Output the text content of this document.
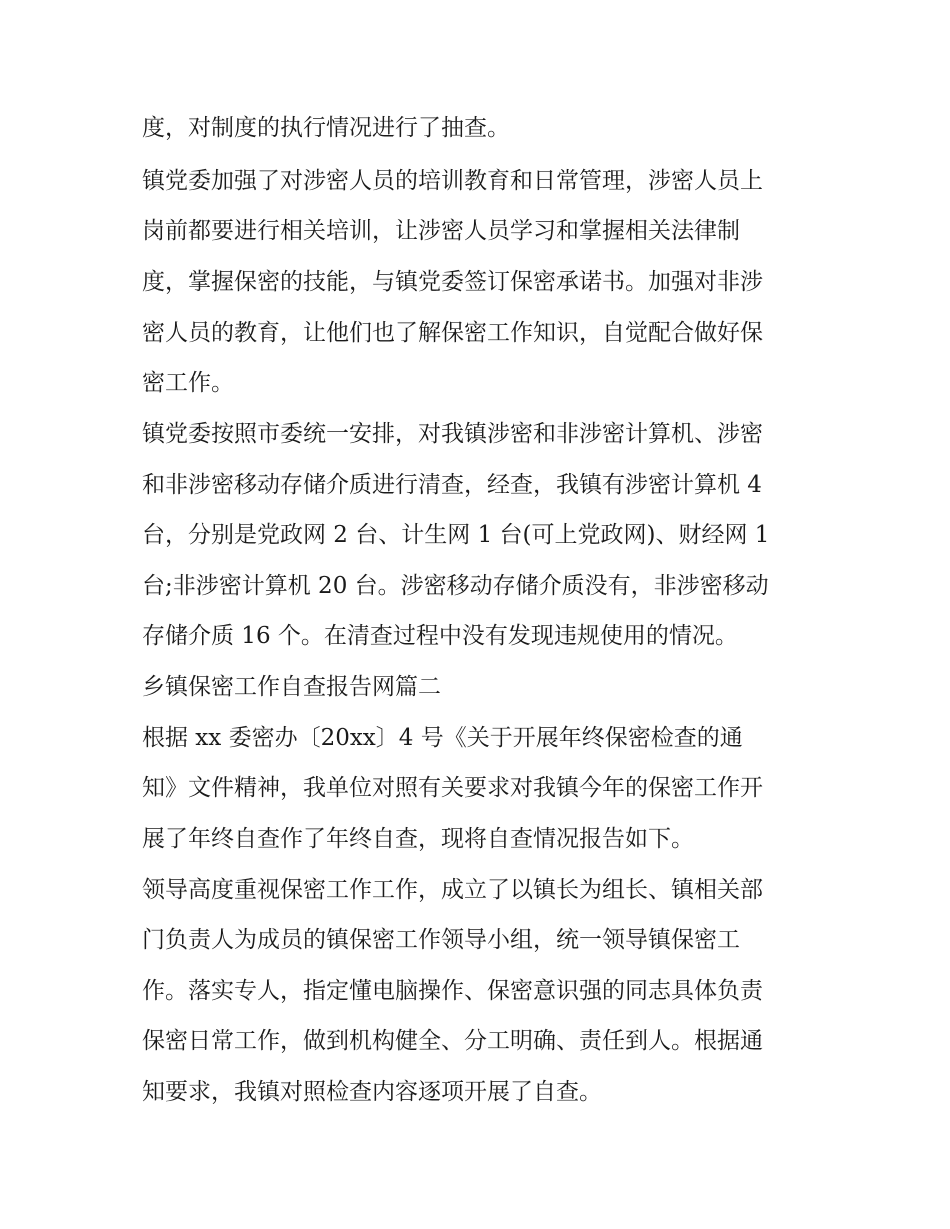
度，对制度的执行情况进行了抽查。
镇党委加强了对涉密人员的培训教育和日常管理，涉密人员上
岗前都要进行相关培训，让涉密人员学习和掌握相关法律制
度，掌握保密的技能，与镇党委签订保密承诺书。加强对非涉
密人员的教育，让他们也了解保密工作知识，自觉配合做好保
密工作。
镇党委按照市委统一安排，对我镇涉密和非涉密计算机、涉密
和非涉密移动存储介质进行清查，经查，我镇有涉密计算机 4
台，分别是党政网 2 台、计生网 1 台(可上党政网)、财经网 1
台;非涉密计算机 20 台。涉密移动存储介质没有，非涉密移动
存储介质 16 个。在清查过程中没有发现违规使用的情况。
乡镇保密工作自查报告网篇二
根据 xx 委密办〔20xx〕4 号《关于开展年终保密检查的通
知》文件精神，我单位对照有关要求对我镇今年的保密工作开
展了年终自查作了年终自查，现将自查情况报告如下。
领导高度重视保密工作工作，成立了以镇长为组长、镇相关部
门负责人为成员的镇保密工作领导小组，统一领导镇保密工
作。落实专人，指定懂电脑操作、保密意识强的同志具体负责
保密日常工作，做到机构健全、分工明确、责任到人。根据通
知要求，我镇对照检查内容逐项开展了自查。
